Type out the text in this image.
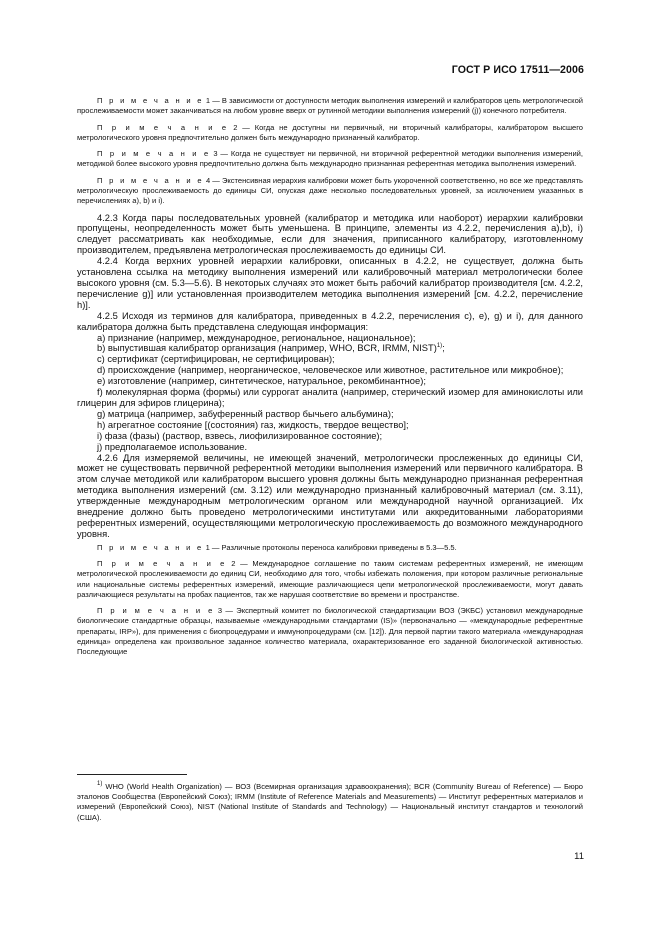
ГОСТ Р ИСО 17511—2006

П р и м е ч а н и е 1 — В зависимости от доступности методик выполнения измерений и калибраторов цепь метрологической прослеживаемости может заканчиваться на любом уровне вверх от рутинной методики выполнения измерений (j)) конечного потребителя.

П р и м е ч а н и е 2 — Когда не доступны ни первичный, ни вторичный калибраторы, калибратором высшего метрологического уровня предпочтительно должен быть международно признанный калибратор.

П р и м е ч а н и е 3 — Когда не существует ни первичной, ни вторичной референтной методики выполнения измерений, методикой более высокого уровня предпочтительно должна быть международно признанная референтная методика выполнения измерений.

П р и м е ч а н и е 4 — Экстенсивная иерархия калибровки может быть укороченной соответственно, но все же представлять метрологическую прослеживаемость до единицы СИ, опуская даже несколько последовательных уровней, за исключением указанных в перечислениях а), b) и i).

4.2.3 Когда пары последовательных уровней (калибратор и методика или наоборот) иерархии калибровки пропущены, неопределенность может быть уменьшена. В принципе, элементы из 4.2.2, перечисления а),b), i) следует рассматривать как необходимые, если для значения, приписанного калибратору, изготовленному производителем, предъявлена метрологическая прослеживаемость до единицы СИ.

4.2.4 Когда верхних уровней иерархии калибровки, описанных в 4.2.2, не существует, должна быть установлена ссылка на методику выполнения измерений или калибровочный материал метрологически более высокого уровня (см. 5.3—5.6). В некоторых случаях это может быть рабочий калибратор производителя [см. 4.2.2, перечисление g)] или установленная производителем методика выполнения измерений [см. 4.2.2, перечисление h)].

4.2.5 Исходя из терминов для калибратора, приведенных в 4.2.2, перечисления c), e), g) и i), для данного калибратора должна быть представлена следующая информация:

a) признание (например, международное, региональное, национальное);

b) выпустившая калибратор организация (например, WHO, BCR, IRMM, NIST)$^{1)}$;

c) сертификат (сертифицирован, не сертифицирован);

d) происхождение (например, неорганическое, человеческое или животное, растительное или микробное);

e) изготовление (например, синтетическое, натуральное, рекомбинантное);

f) молекулярная форма (формы) или суррогат аналита (например, стерический изомер для аминокислоты или глицерин для эфиров глицерина);

g) матрица (например, забуференный раствор бычьего альбумина);

h) агрегатное состояние [(состояния) газ, жидкость, твердое вещество];

i) фаза (фазы) (раствор, взвесь, лиофилизированное состояние);

j) предполагаемое использование.

4.2.6 Для измеряемой величины, не имеющей значений, метрологически прослеженных до единицы СИ, может не существовать первичной референтной методики выполнения измерений или первичного калибратора. В этом случае методикой или калибратором высшего уровня должны быть международно признанная референтная методика выполнения измерений (см. 3.12) или международно признанный калибровочный материал (см. 3.11), утвержденные международным метрологическим органом или международной научной организацией. Их внедрение должно быть проведено метрологическими институтами или аккредитованными лабораториями референтных измерений, осуществляющими метрологическую прослеживаемость до возможного международного уровня.

П р и м е ч а н и е 1 — Различные протоколы переноса калибровки приведены в 5.3—5.5.

П р и м е ч а н и е 2 — Международное соглашение по таким системам референтных измерений, не имеющим метрологической прослеживаемости до единиц СИ, необходимо для того, чтобы избежать положения, при котором различные региональные или национальные системы референтных измерений, имеющие различающиеся цепи метрологической прослеживаемости, могут давать различающиеся результаты на пробах пациентов, так же нарушая соответствие во времени и пространстве.

П р и м е ч а н и е 3 — Экспертный комитет по биологической стандартизации ВОЗ (ЭКБС) установил международные биологические стандартные образцы, называемые «международными стандартами (IS)» (первоначально — «международные референтные препараты, IRP»), для применения с биопроцедурами и иммунопроцедурами (см. [12]). Для первой партии такого материала «международная единица» определена как произвольное заданное количество материала, охарактеризованное его заданной биологической активностью. Последующие

$^{1)}$ WHO (World Health Organization) — ВОЗ (Всемирная организация здравоохранения); BCR (Community Bureau of Reference) — Бюро эталонов Сообщества (Европейский Союз); IRMM (Institute of Reference Materials and Measurements) — Институт референтных материалов и измерений (Европейский Союз), NIST (National Institute of Standards and Technology) — Национальный институт стандартов и технологий (США).
11
